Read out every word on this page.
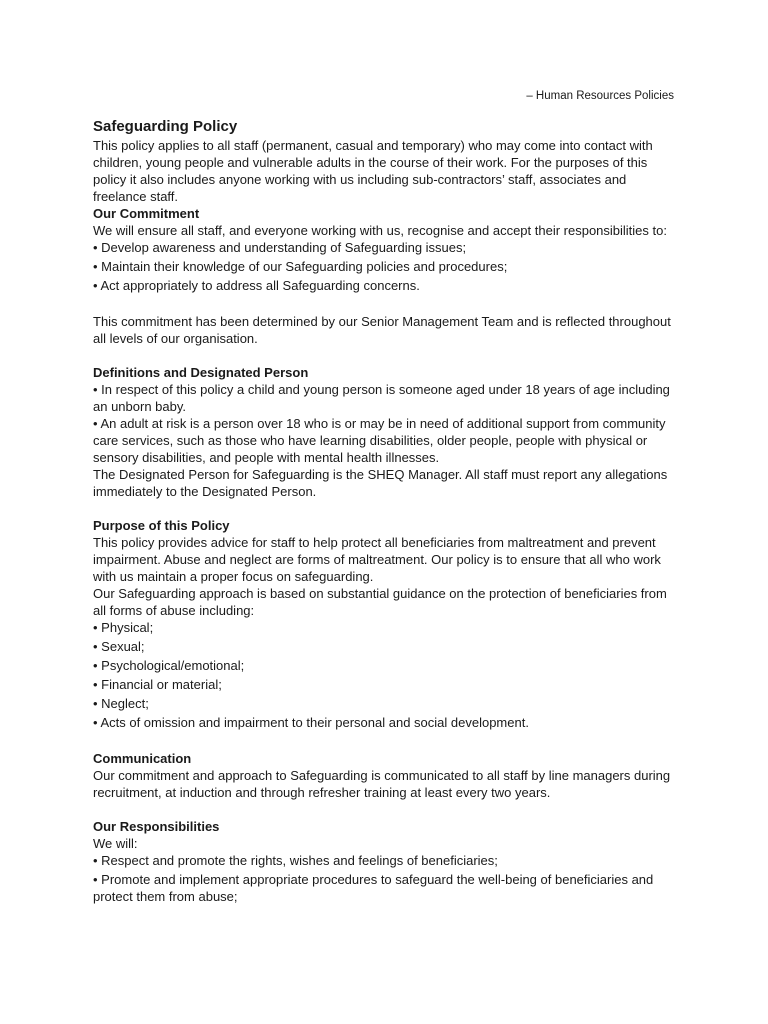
– Human Resources Policies
Safeguarding Policy

This policy applies to all staff (permanent, casual and temporary) who may come into contact with children, young people and vulnerable adults in the course of their work. For the purposes of this policy it also includes anyone working with us including sub-contractors’ staff, associates and freelance staff.

Our Commitment

We will ensure all staff, and everyone working with us, recognise and accept their responsibilities to:

• Develop awareness and understanding of Safeguarding issues;

• Maintain their knowledge of our Safeguarding policies and procedures;

• Act appropriately to address all Safeguarding concerns.

This commitment has been determined by our Senior Management Team and is reflected throughout all levels of our organisation.

Definitions and Designated Person

• In respect of this policy a child and young person is someone aged under 18 years of age including an unborn baby.

• An adult at risk is a person over 18 who is or may be in need of additional support from community care services, such as those who have learning disabilities, older people, people with physical or sensory disabilities, and people with mental health illnesses.

The Designated Person for Safeguarding is the SHEQ Manager. All staff must report any allegations immediately to the Designated Person.

Purpose of this Policy

This policy provides advice for staff to help protect all beneficiaries from maltreatment and prevent impairment. Abuse and neglect are forms of maltreatment. Our policy is to ensure that all who work with us maintain a proper focus on safeguarding.

Our Safeguarding approach is based on substantial guidance on the protection of beneficiaries from all forms of abuse including:

• Physical;

• Sexual;

• Psychological/emotional;

• Financial or material;

• Neglect;

• Acts of omission and impairment to their personal and social development.

Communication

Our commitment and approach to Safeguarding is communicated to all staff by line managers during recruitment, at induction and through refresher training at least every two years.

Our Responsibilities

We will:

• Respect and promote the rights, wishes and feelings of beneficiaries;

• Promote and implement appropriate procedures to safeguard the well-being of beneficiaries and protect them from abuse;
